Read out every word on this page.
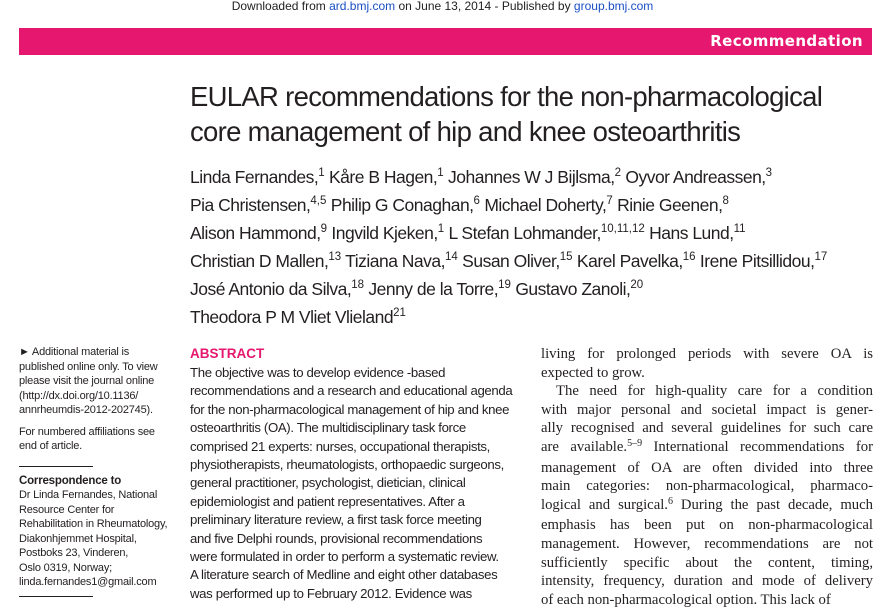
Downloaded from ard.bmj.com on June 13, 2014 - Published by group.bmj.com
Recommendation
EULAR recommendations for the non-pharmacological
core management of hip and knee osteoarthritis
Linda Fernandes,$^1$ Kåre B Hagen,$^1$ Johannes W J Bijlsma,$^2$ Oyvor Andreassen,$^3$
Pia Christensen,$^{4,5}$ Philip G Conaghan,$^6$ Michael Doherty,$^7$ Rinie Geenen,$^8$
Alison Hammond,$^9$ Ingvild Kjeken,$^1$ L Stefan Lohmander,$^{10,11,12}$ Hans Lund,$^{11}$
Christian D Mallen,$^{13}$ Tiziana Nava,$^{14}$ Susan Oliver,$^{15}$ Karel Pavelka,$^{16}$ Irene Pitsillidou,$^{17}$
José Antonio da Silva,$^{18}$ Jenny de la Torre,$^{19}$ Gustavo Zanoli,$^{20}$
Theodora P M Vliet Vlieland$^{21}$
► Additional material is
published online only. To view
please visit the journal online
(http://dx.doi.org/10.1136/
annrheumdis-2012-202745).
For numbered affiliations see
end of article.
Correspondence to
Dr Linda Fernandes, National
Resource Center for
Rehabilitation in Rheumatology,
Diakonhjemmet Hospital,
Postboks 23, Vinderen,
Oslo 0319, Norway;
linda.fernandes1@gmail.com
ABSTRACT
The objective was to develop evidence -based
recommendations and a research and educational agenda
for the non-pharmacological management of hip and knee
osteoarthritis (OA). The multidisciplinary task force
comprised 21 experts: nurses, occupational therapists,
physiotherapists, rheumatologists, orthopaedic surgeons,
general practitioner, psychologist, dietician, clinical
epidemiologist and patient representatives. After a
preliminary literature review, a first task force meeting
and five Delphi rounds, provisional recommendations
were formulated in order to perform a systematic review.
A literature search of Medline and eight other databases
was performed up to February 2012. Evidence was
living for prolonged periods with severe OA is
expected to grow.
The need for high-quality care for a condition
with major personal and societal impact is gener-
ally recognised and several guidelines for such care
are available.$^{5-9}$ International recommendations for
management of OA are often divided into three
main categories: non-pharmacological, pharmaco-
logical and surgical.$^6$ During the past decade, much
emphasis has been put on non-pharmacological
management. However, recommendations are not
sufficiently specific about the content, timing,
intensity, frequency, duration and mode of delivery
of each non-pharmacological option. This lack of
